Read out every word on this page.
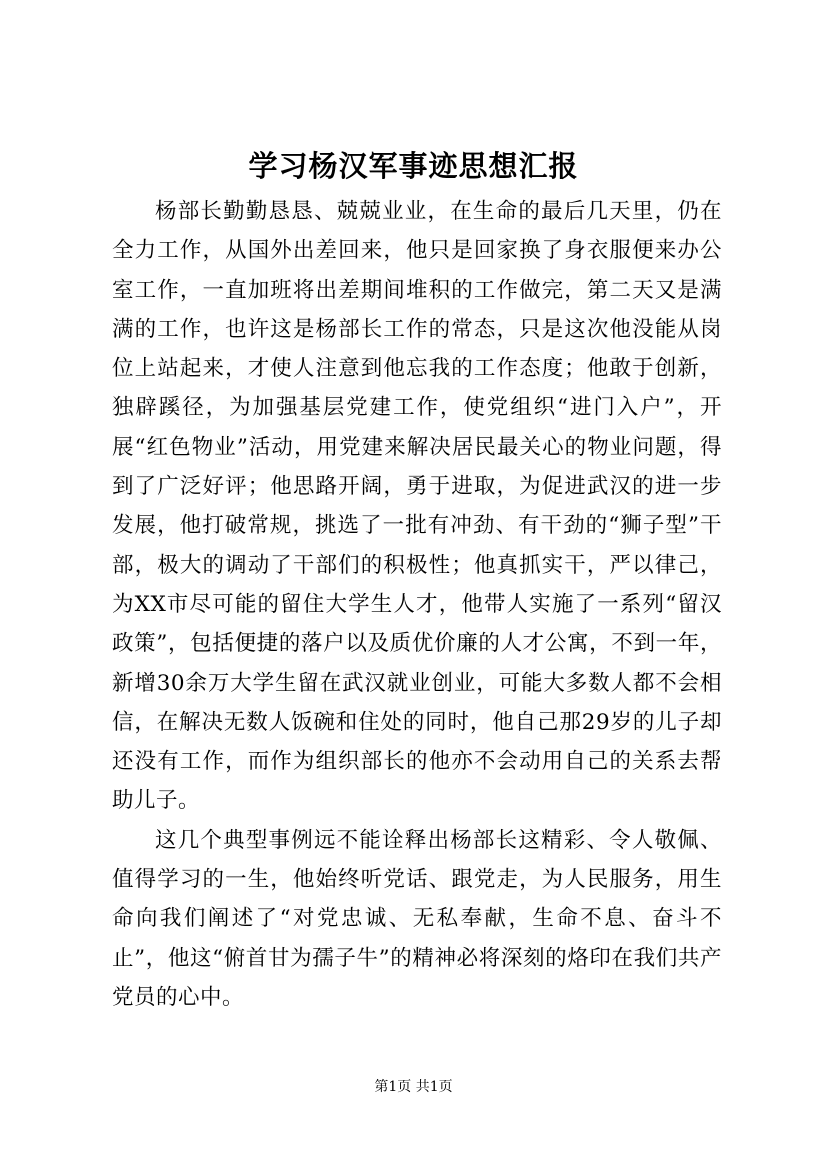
学习杨汉军事迹思想汇报

杨部长勤勤恳恳、兢兢业业，在生命的最后几天里，仍在全力工作，从国外出差回来，他只是回家换了身衣服便来办公室工作，一直加班将出差期间堆积的工作做完，第二天又是满满的工作，也许这是杨部长工作的常态，只是这次他没能从岗位上站起来，才使人注意到他忘我的工作态度；他敢于创新，独辟蹊径，为加强基层党建工作，使党组织“进门入户”，开展“红色物业”活动，用党建来解决居民最关心的物业问题，得到了广泛好评；他思路开阔，勇于进取，为促进武汉的进一步发展，他打破常规，挑选了一批有冲劲、有干劲的“狮子型”干部，极大的调动了干部们的积极性；他真抓实干，严以律己，为XX市尽可能的留住大学生人才，他带人实施了一系列“留汉政策”，包括便捷的落户以及质优价廉的人才公寓，不到一年，新增30余万大学生留在武汉就业创业，可能大多数人都不会相信，在解决无数人饭碗和住处的同时，他自己那29岁的儿子却还没有工作，而作为组织部长的他亦不会动用自己的关系去帮助儿子。

这几个典型事例远不能诠释出杨部长这精彩、令人敬佩、值得学习的一生，他始终听党话、跟党走，为人民服务，用生命向我们阐述了“对党忠诚、无私奉献，生命不息、奋斗不止”，他这“俯首甘为孺子牛”的精神必将深刻的烙印在我们共产党员的心中。

第1页 共1页
